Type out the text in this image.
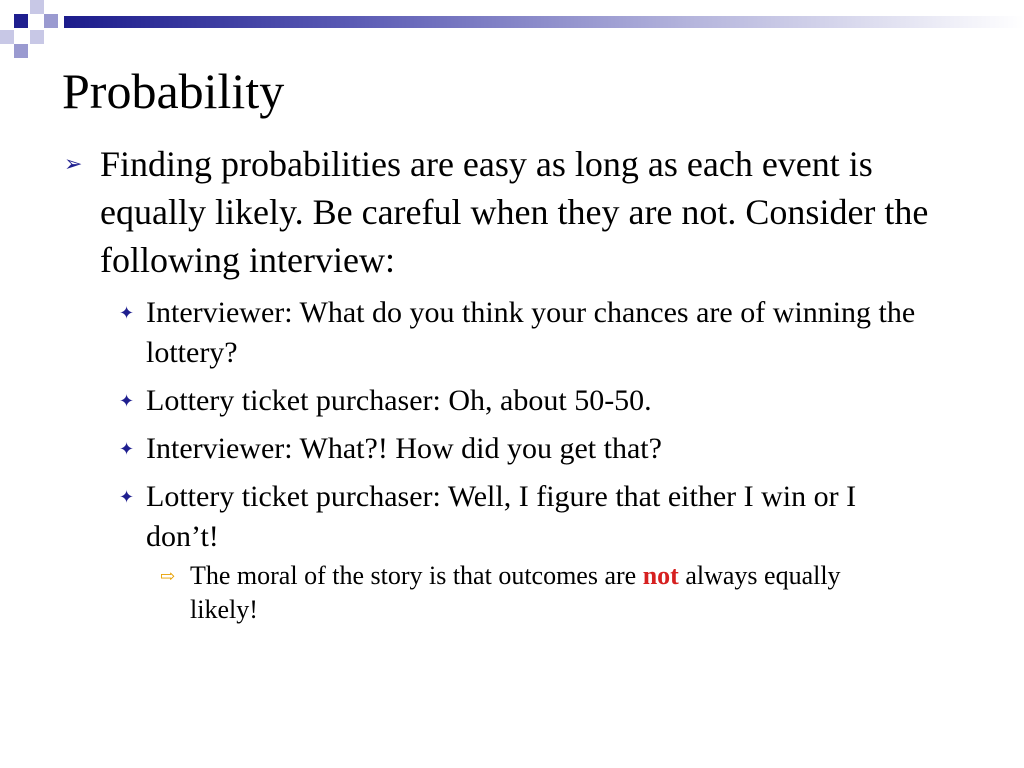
Probability
➢ Finding probabilities are easy as long as each event is equally likely. Be careful when they are not. Consider the following interview:
✦ Interviewer: What do you think your chances are of winning the lottery?
✦ Lottery ticket purchaser: Oh, about 50-50.
✦ Interviewer: What?! How did you get that?
✦ Lottery ticket purchaser: Well, I figure that either I win or I don’t!
⇨ The moral of the story is that outcomes are not always equally likely!
